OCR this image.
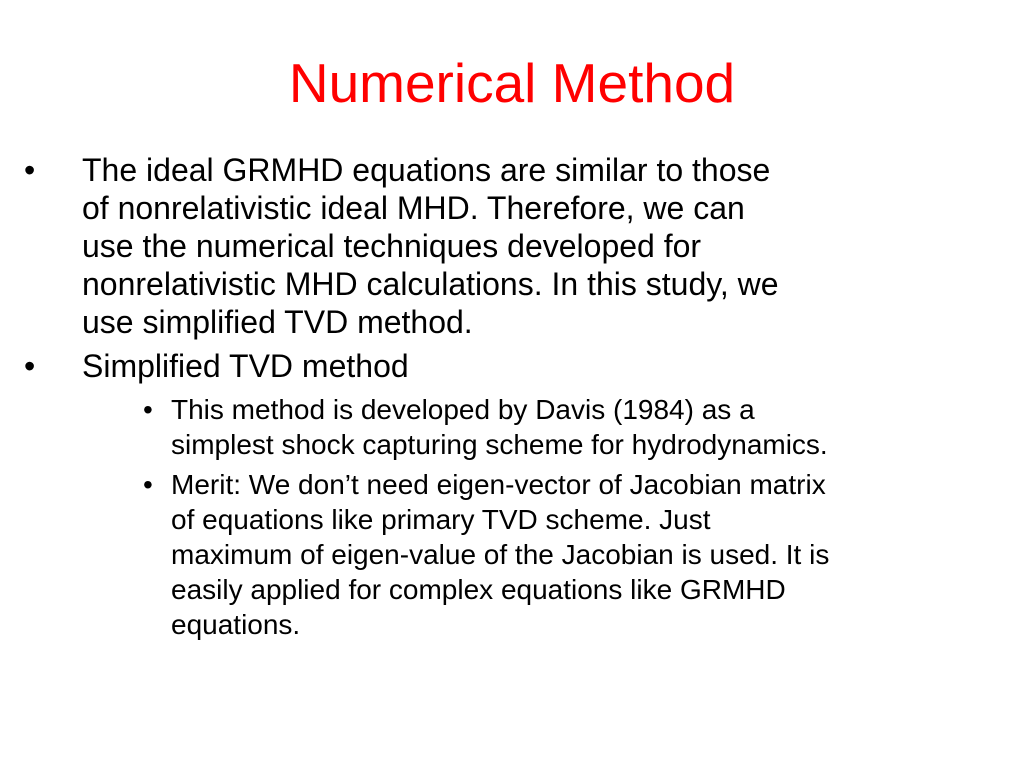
Numerical Method
• The ideal GRMHD equations are similar to those
of nonrelativistic ideal MHD. Therefore, we can
use the numerical techniques developed for
nonrelativistic MHD calculations. In this study, we
use simplified TVD method.
• Simplified TVD method
• This method is developed by Davis (1984) as a
simplest shock capturing scheme for hydrodynamics.
• Merit: We don’t need eigen-vector of Jacobian matrix
of equations like primary TVD scheme. Just
maximum of eigen-value of the Jacobian is used. It is
easily applied for complex equations like GRMHD
equations.
